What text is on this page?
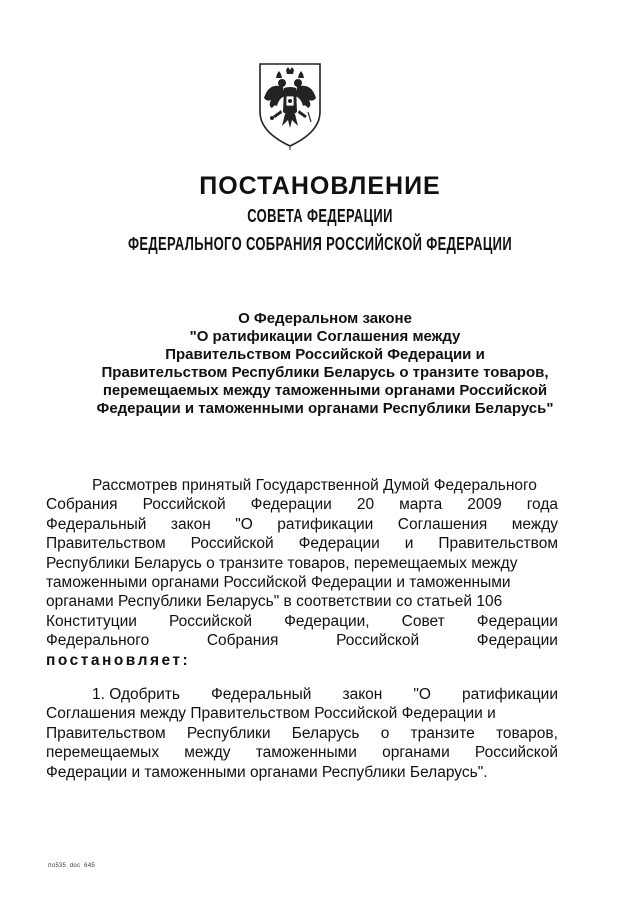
ПОСТАНОВЛЕНИЕ
СОВЕТА ФЕДЕРАЦИИ
ФЕДЕРАЛЬНОГО СОБРАНИЯ РОССИЙСКОЙ ФЕДЕРАЦИИ
О Федеральном законе
"О ратификации Соглашения между
Правительством Российской Федерации и
Правительством Республики Беларусь о транзите товаров,
перемещаемых между таможенными органами Российской
Федерации и таможенными органами Республики Беларусь"
Рассмотрев принятый Государственной Думой Федерального
Собрания Российской Федерации 20 марта 2009 года
Федеральный закон "О ратификации Соглашения между
Правительством Российской Федерации и Правительством
Республики Беларусь о транзите товаров, перемещаемых между
таможенными органами Российской Федерации и таможенными
органами Республики Беларусь" в соответствии со статьей 106
Конституции Российской Федерации, Совет Федерации
Федерального	Собрания	Российской	Федерации
постановляет:
1. Одобрить Федеральный закон "О ратификации
Соглашения между Правительством Российской Федерации и
Правительством Республики Беларусь о транзите товаров,
перемещаемых между таможенными органами Российской
Федерации и таможенными органами Республики Беларусь".
по535 doc 645
